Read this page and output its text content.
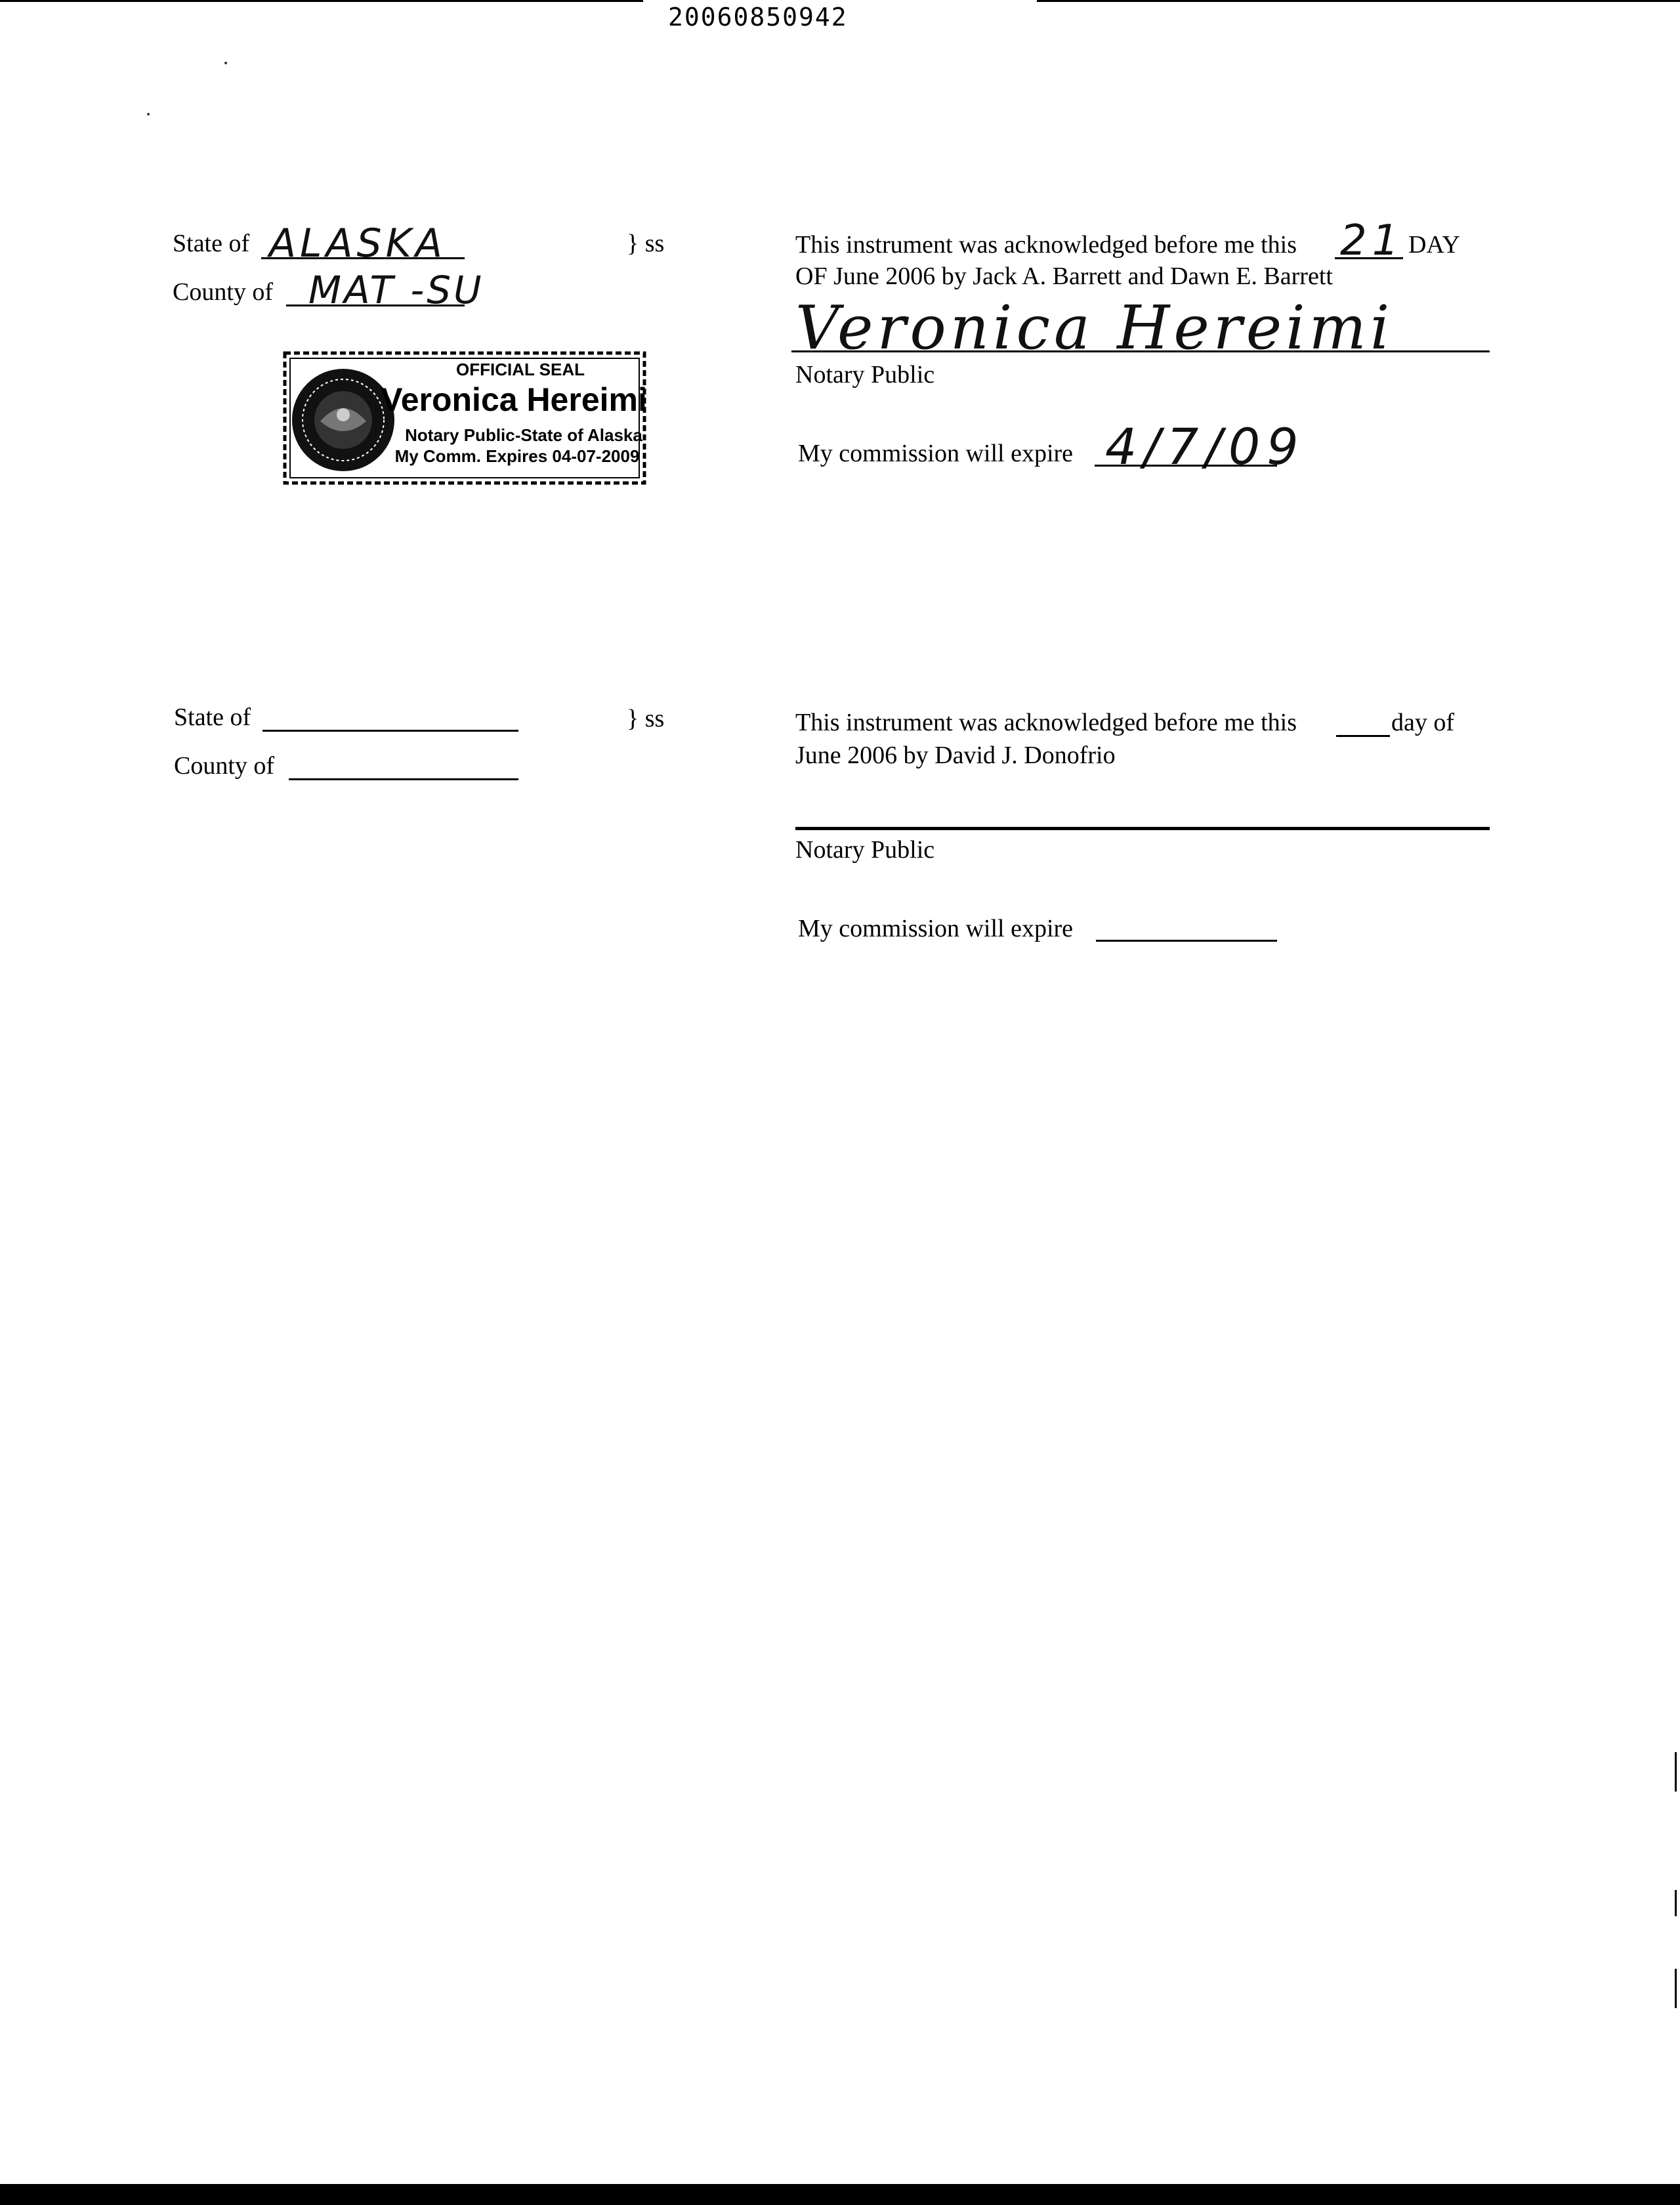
20060850942
State of ALASKA	} ss
County of MAT -SU
OFFICIAL SEAL
Veronica Hereimi
Notary Public-State of Alaska
My Comm. Expires 04-07-2009
This instrument was acknowledged before me this 21 DAY
OF June 2006 by Jack A. Barrett and Dawn E. Barrett
Veronica Hereimi
Notary Public
My commission will expire 4/7/09
State of	} ss
County of
This instrument was acknowledged before me this	day of
June 2006 by David J. Donofrio
Notary Public
My commission will expire
